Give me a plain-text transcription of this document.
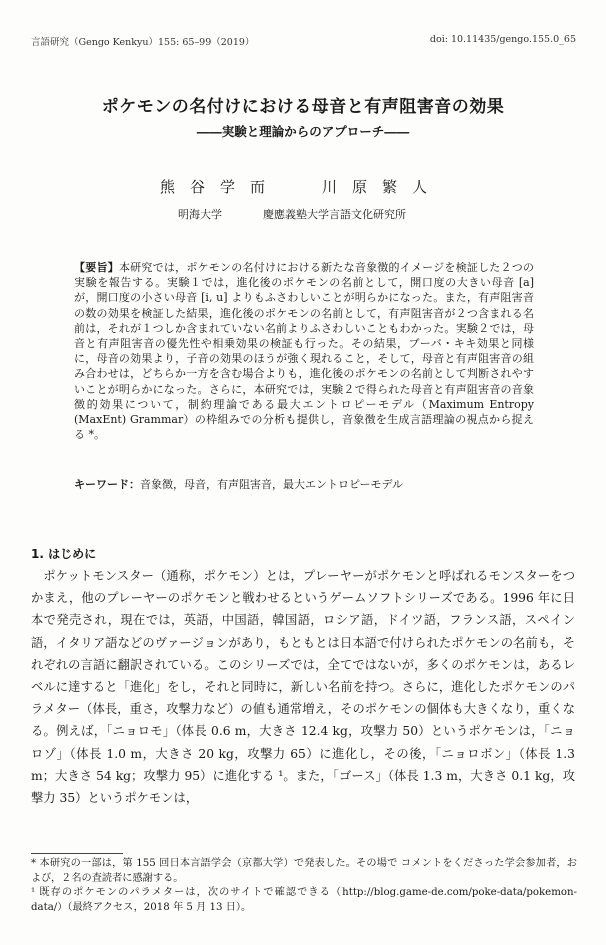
言語研究（Gengo Kenkyu）155: 65–99（2019）	doi: 10.11435/gengo.155.0_65
ポケモンの名付けにおける母音と有声阻害音の効果
――実験と理論からのアプローチ――
熊谷学而	川原繁人
明海大学	慶應義塾大学言語文化研究所

【要旨】本研究では，ポケモンの名付けにおける新たな音象徴的イメージを検証した２つの実験を報告する。実験１では，進化後のポケモンの名前として，開口度の大きい母音 [a] が，開口度の小さい母音 [i, u] よりもふさわしいことが明らかになった。また，有声阻害音の数の効果を検証した結果，進化後のポケモンの名前として，有声阻害音が２つ含まれる名前は，それが１つしか含まれていない名前よりふさわしいこともわかった。実験２では，母音と有声阻害音の優先性や相乗効果の検証も行った。その結果，ブーバ・キキ効果と同様に，母音の効果より，子音の効果のほうが強く現れること，そして，母音と有声阻害音の組み合わせは，どちらか一方を含む場合よりも，進化後のポケモンの名前として判断されやすいことが明らかになった。さらに，本研究では，実験２で得られた母音と有声阻害音の音象徴的効果について，制約理論である最大エントロピーモデル（Maximum Entropy (MaxEnt) Grammar）の枠組みでの分析も提供し，音象徴を生成言語理論の視点から捉える *。

キーワード：音象徴，母音，有声阻害音，最大エントロピーモデル
1. はじめに

ポケットモンスター（通称，ポケモン）とは，プレーヤーがポケモンと呼ばれるモンスターをつかまえ，他のプレーヤーのポケモンと戦わせるというゲームソフトシリーズである。1996 年に日本で発売され，現在では，英語，中国語，韓国語，ロシア語，ドイツ語，フランス語，スペイン語，イタリア語などのヴァージョンがあり，もともとは日本語で付けられたポケモンの名前も，それぞれの言語に翻訳されている。このシリーズでは，全てではないが，多くのポケモンは，あるレベルに達すると「進化」をし，それと同時に，新しい名前を持つ。さらに，進化したポケモンのパラメター（体長，重さ，攻撃力など）の値も通常増え，そのポケモンの個体も大きくなり，重くなる。例えば，「ニョロモ」（体長 0.6 m，大きさ 12.4 kg，攻撃力 50）というポケモンは，「ニョロゾ」（体長 1.0 m，大きさ 20 kg，攻撃力 65）に進化し，その後，「ニョロボン」（体長 1.3 m；大きさ 54 kg；攻撃力 95）に進化する ¹。また，「ゴース」（体長 1.3 m，大きさ 0.1 kg，攻撃力 35）というポケモンは，

* 本研究の一部は，第 155 回日本言語学会（京都大学）で発表した。その場で コメントをくださった学会参加者，および，２名の査読者に感謝する。

¹ 既存のポケモンのパラメターは，次のサイトで確認できる（http://blog.game-de.com/poke-data/pokemon-data/）（最終アクセス，2018 年 5 月 13 日）。
